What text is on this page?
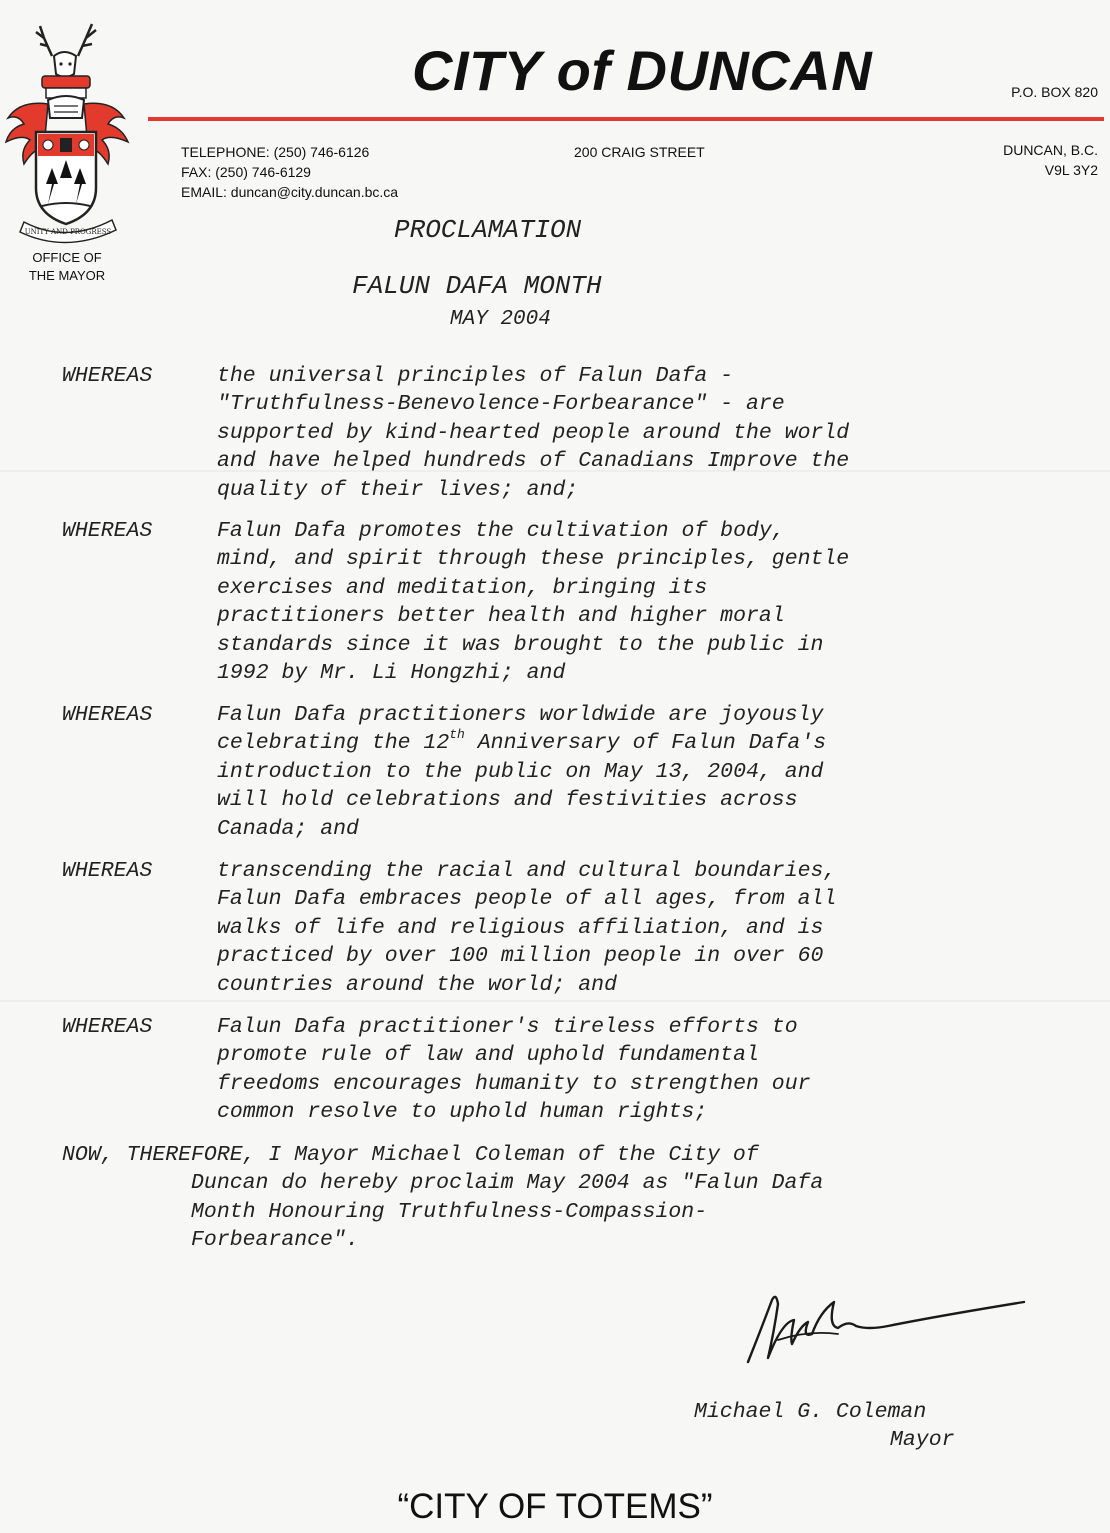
UNITY AND PROGRESS
OFFICE OF
THE MAYOR
CITY of DUNCAN	P.O. BOX 820
TELEPHONE: (250) 746-6126
FAX: (250) 746-6129
EMAIL: duncan@city.duncan.bc.ca
200 CRAIG STREET	DUNCAN, B.C.
V9L 3Y2
PROCLAMATION
FALUN DAFA MONTH
MAY 2004
WHEREAS	the universal principles of Falun Dafa -
"Truthfulness-Benevolence-Forbearance" - are
supported by kind-hearted people around the world
and have helped hundreds of Canadians Improve the
quality of their lives; and;
WHEREAS	Falun Dafa promotes the cultivation of body,
mind, and spirit through these principles, gentle
exercises and meditation, bringing its
practitioners better health and higher moral
standards since it was brought to the public in
1992 by Mr. Li Hongzhi; and
WHEREAS	Falun Dafa practitioners worldwide are joyously
celebrating the 12th Anniversary of Falun Dafa's
introduction to the public on May 13, 2004, and
will hold celebrations and festivities across
Canada; and
WHEREAS	transcending the racial and cultural boundaries,
Falun Dafa embraces people of all ages, from all
walks of life and religious affiliation, and is
practiced by over 100 million people in over 60
countries around the world; and
WHEREAS	Falun Dafa practitioner's tireless efforts to
promote rule of law and uphold fundamental
freedoms encourages humanity to strengthen our
common resolve to uphold human rights;
NOW, THEREFORE, I Mayor Michael Coleman of the City of
Duncan do hereby proclaim May 2004 as "Falun Dafa
Month Honouring Truthfulness-Compassion-
Forbearance".
Michael G. Coleman
Mayor
“CITY OF TOTEMS”
